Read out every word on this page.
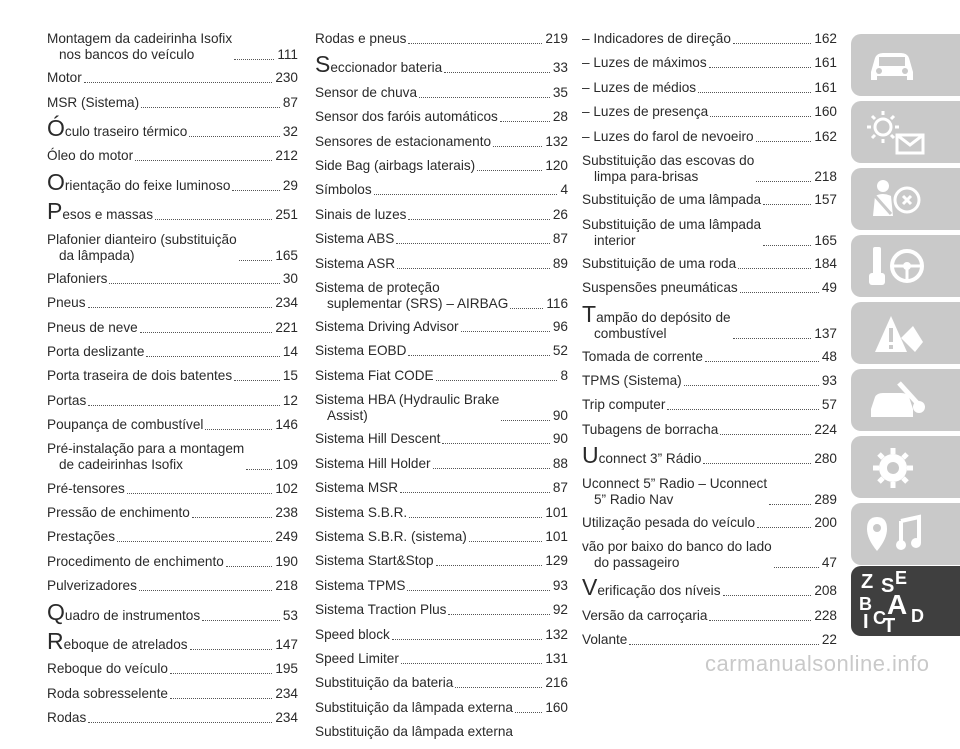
Montagem da cadeirinha Isofix
nos bancos do veículo	111
Motor	230
MSR (Sistema)	87
Óculo traseiro térmico	32
Óleo do motor	212
Orientação do feixe luminoso	29
Pesos e massas	251
Plafonier dianteiro (substituição
da lâmpada)	165
Plafoniers	30
Pneus	234
Pneus de neve	221
Porta deslizante	14
Porta traseira de dois batentes	15
Portas	12
Poupança de combustível	146
Pré-instalação para a montagem
de cadeirinhas Isofix	109
Pré-tensores	102
Pressão de enchimento	238
Prestações	249
Procedimento de enchimento	190
Pulverizadores	218
Quadro de instrumentos	53
Reboque de atrelados	147
Reboque do veículo	195
Roda sobresselente	234
Rodas	234
Rodas e pneus	219
Seccionador bateria	33
Sensor de chuva	35
Sensor dos faróis automáticos	28
Sensores de estacionamento	132
Side Bag (airbags laterais)	120
Símbolos	4
Sinais de luzes	26
Sistema ABS	87
Sistema ASR	89
Sistema de proteção
suplementar (SRS) – AIRBAG	116
Sistema Driving Advisor	96
Sistema EOBD	52
Sistema Fiat CODE	8
Sistema HBA (Hydraulic Brake
Assist)	90
Sistema Hill Descent	90
Sistema Hill Holder	88
Sistema MSR	87
Sistema S.B.R.	101
Sistema S.B.R. (sistema)	101
Sistema Start&Stop	129
Sistema TPMS	93
Sistema Traction Plus	92
Speed block	132
Speed Limiter	131
Substituição da bateria	216
Substituição da lâmpada externa 160
Substituição da lâmpada externa
– Indicadores de direção	162
– Luzes de máximos	161
– Luzes de médios	161
– Luzes de presença	160
– Luzes do farol de nevoeiro	162
Substituição das escovas do
limpa para-brisas	218
Substituição de uma lâmpada	157
Substituição de uma lâmpada
interior	165
Substituição de uma roda	184
Suspensões pneumáticas	49
Tampão do depósito de
combustível	137
Tomada de corrente	48
TPMS (Sistema)	93
Trip computer	57
Tubagens de borracha	224
Uconnect 3” Rádio	280
Uconnect 5” Radio – Uconnect
5” Radio Nav	289
Utilização pesada do veículo	200
vão por baixo do banco do lado
do passageiro	47
Verificação dos níveis	208
Versão da carroçaria	228
Volante	22
Z E
S
A
B
C
I T D
carmanualsonline.info
